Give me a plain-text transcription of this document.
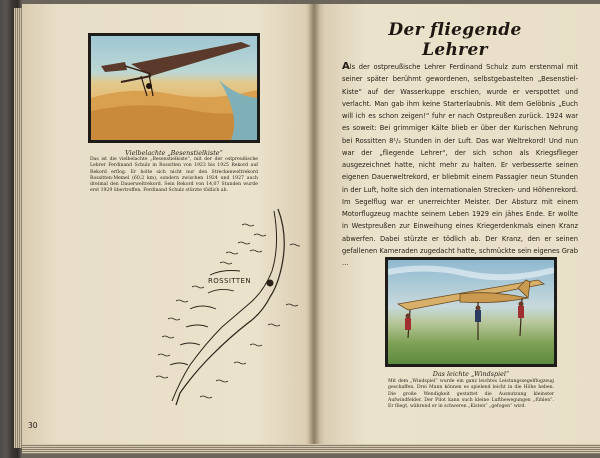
Vielbelachte „Besenstielkiste“
Das ist die vielbelachte „Besenstielkiste“, mit der der ostpreußische Lehrer Ferdinand Schulz in Rossitten von 1923 bis 1925 Rekord auf Rekord erflog. Er holte sich nicht nur den Streckenweltrekord Rossitten-Memel (60,2 km), sondern zwischen 1924 und 1927 auch dreimal den Dauerweltrekord. Sein Rekord von 14,07 Stunden wurde erst 1929 übertroffen. Ferdinand Schulz stürzte tödlich ab.
ROSSITTEN
30
Der fliegende Lehrer

Als der ostpreußische Lehrer Ferdinand Schulz zum erstenmal mit seiner später berühmt gewordenen, selbstgebastelten „Besenstiel-Kiste“ auf der Wasserkuppe erschien, wurde er verspottet und verlacht. Man gab ihm keine Starterlaubnis. Mit dem Gelöbnis „Euch will ich es schon zeigen!“ fuhr er nach Ostpreußen zurück. 1924 war es soweit: Bei grimmiger Kälte blieb er über der Kurischen Nehrung bei Rossitten 8¹/₂ Stunden in der Luft. Das war Weltrekord! Und nun war der „fliegende Lehrer“, der sich schon als Kriegsflieger ausgezeichnet hatte, nicht mehr zu halten. Er verbesserte seinen eigenen Dauerweltrekord, er bliebmit einem Passagier neun Stunden in der Luft, holte sich den internationalen Strecken- und Höhenrekord. Im Segelflug war er unerreichter Meister. Der Absturz mit einem Motorflugzeug machte seinem Leben 1929 ein jähes Ende. Er wollte in Westpreußen zur Einweihung eines Kriegerdenkmals einen Kranz abwerfen. Dabei stürzte er tödlich ab. Der Kranz, den er seinen gefallenen Kameraden zugedacht hatte, schmückte sein eigenes Grab ...

Das leichte „Windspiel“
Mit dem „Windspiel“ wurde ein ganz leichtes Leistungssegelflugzeug geschaffen. Drei Mann können es spielend leicht in die Höhe heben. Die große Wendigkeit gestattet die Ausnutzung kleinster Aufwindfelder. Der Pilot kann such kleine Luftbewegungen „fühlen“. Er fliegt, während er in schweren „Kisten“ „gefogen“ wird.
